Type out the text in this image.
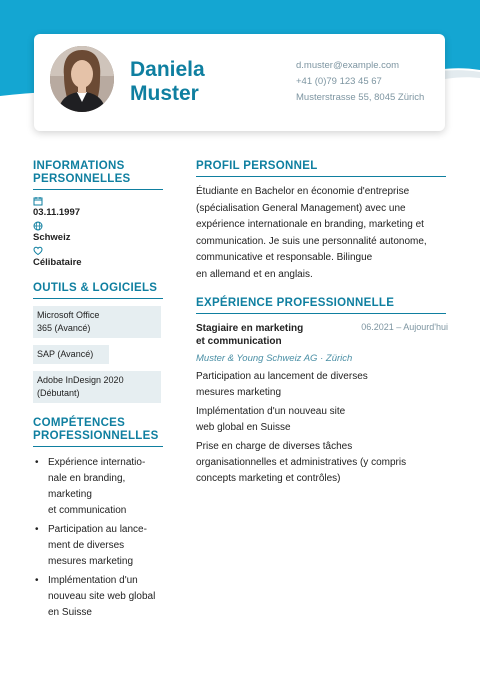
Daniela
Muster
d.muster@example.com
+41 (0)79 123 45 67
Musterstrasse 55, 8045 Zürich
INFORMATIONS
PERSONNELLES
03.11.1997
Schweiz
Célibataire
OUTILS & LOGICIELS
Microsoft Office
365 (Avancé)
SAP (Avancé)
Adobe InDesign 2020
(Débutant)
COMPÉTENCES
PROFESSIONNELLES
• Expérience internatio-
nale en branding,
marketing
et communication
• Participation au lance-
ment de diverses
mesures marketing
• Implémentation d'un
nouveau site web global
en Suisse
PROFIL PERSONNEL
Étudiante en Bachelor en économie d'entreprise
(spécialisation General Management) avec une
expérience internationale en branding, marketing et
communication. Je suis une personnalité autonome,
communicative et responsable. Bilingue
en allemand et en anglais.
EXPÉRIENCE PROFESSIONNELLE
Stagiaire en marketing
et communication
06.2021 – Aujourd'hui
Muster & Young Schweiz AG · Zürich
Participation au lancement de diverses
mesures marketing
Implémentation d'un nouveau site
web global en Suisse
Prise en charge de diverses tâches
organisationnelles et administratives (y compris
concepts marketing et contrôles)
